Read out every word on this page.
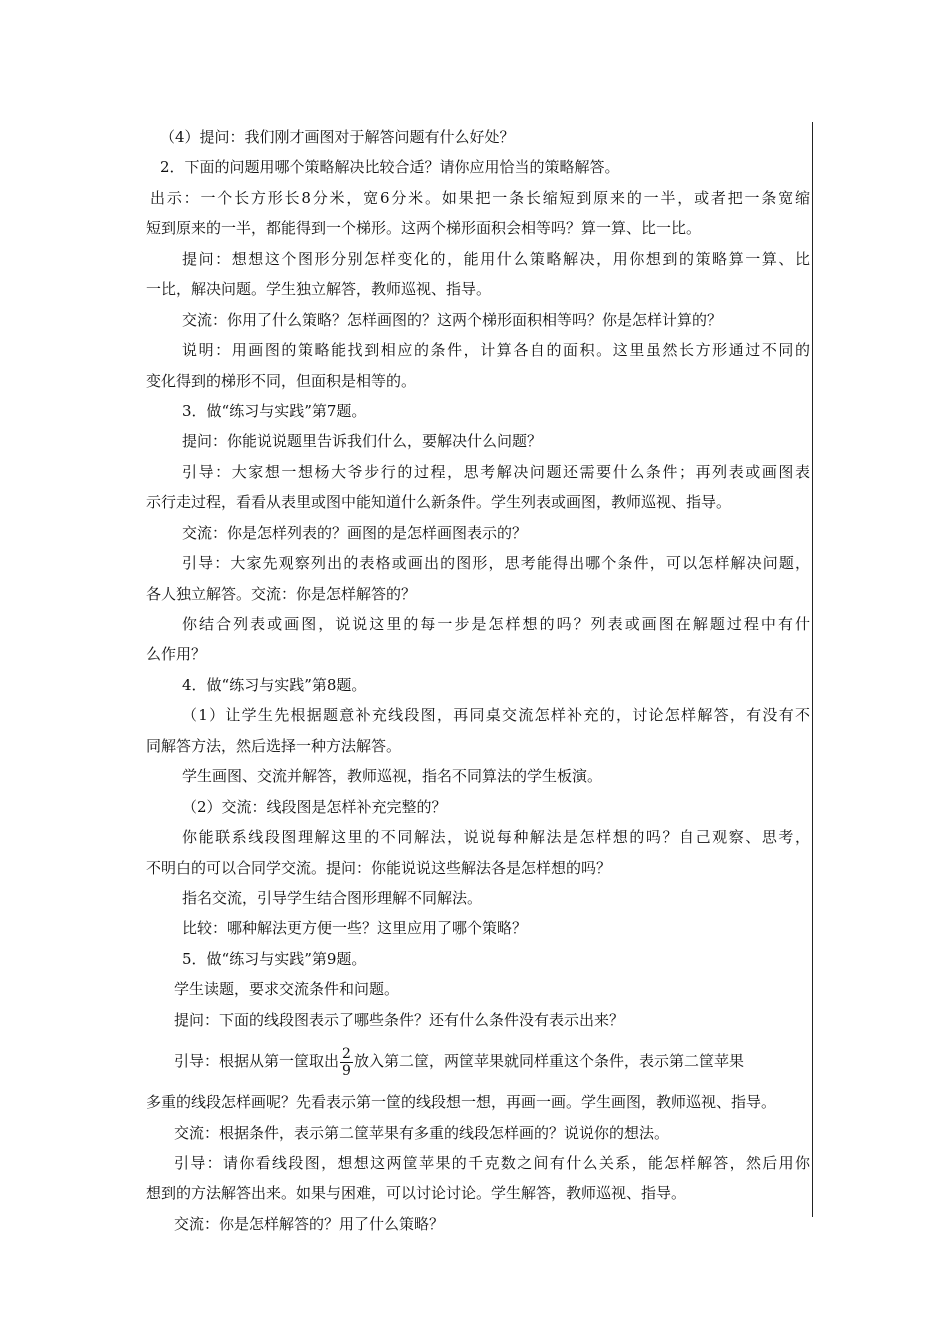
（4）提问：我们刚才画图对于解答问题有什么好处？
2．下面的问题用哪个策略解决比较合适？请你应用恰当的策略解答。
出示：一个长方形长8分米，宽6分米。如果把一条长缩短到原来的一半，或者把一条宽缩
短到原来的一半，都能得到一个梯形。这两个梯形面积会相等吗？算一算、比一比。
提问：想想这个图形分别怎样变化的，能用什么策略解决，用你想到的策略算一算、比
一比，解决问题。学生独立解答，教师巡视、指导。
交流：你用了什么策略？怎样画图的？这两个梯形面积相等吗？你是怎样计算的？
说明：用画图的策略能找到相应的条件，计算各自的面积。这里虽然长方形通过不同的
变化得到的梯形不同，但面积是相等的。
3．做“练习与实践”第7题。
提问：你能说说题里告诉我们什么，要解决什么问题？
引导：大家想一想杨大爷步行的过程，思考解决问题还需要什么条件；再列表或画图表
示行走过程，看看从表里或图中能知道什么新条件。学生列表或画图，教师巡视、指导。
交流：你是怎样列表的？画图的是怎样画图表示的？
引导：大家先观察列出的表格或画出的图形，思考能得出哪个条件，可以怎样解决问题，
各人独立解答。交流：你是怎样解答的？
你结合列表或画图，说说这里的每一步是怎样想的吗？列表或画图在解题过程中有什
么作用？
4．做“练习与实践”第8题。
（1）让学生先根据题意补充线段图，再同桌交流怎样补充的，讨论怎样解答，有没有不
同解答方法，然后选择一种方法解答。
学生画图、交流并解答，教师巡视，指名不同算法的学生板演。
（2）交流：线段图是怎样补充完整的？
你能联系线段图理解这里的不同解法，说说每种解法是怎样想的吗？自己观察、思考，
不明白的可以合同学交流。提问：你能说说这些解法各是怎样想的吗？
指名交流，引导学生结合图形理解不同解法。
比较：哪种解法更方便一些？这里应用了哪个策略？
5．做“练习与实践”第9题。
学生读题，要求交流条件和问题。
提问：下面的线段图表示了哪些条件？还有什么条件没有表示出来？
引导：根据从第一筐取出 $\frac{2}{9}$ 放入第二筐，两筐苹果就同样重这个条件，表示第二筐苹果
多重的线段怎样画呢？先看表示第一筐的线段想一想，再画一画。学生画图，教师巡视、指导。
交流：根据条件，表示第二筐苹果有多重的线段怎样画的？说说你的想法。
引导：请你看线段图，想想这两筐苹果的千克数之间有什么关系，能怎样解答，然后用你
想到的方法解答出来。如果与困难，可以讨论讨论。学生解答，教师巡视、指导。
交流：你是怎样解答的？用了什么策略？
